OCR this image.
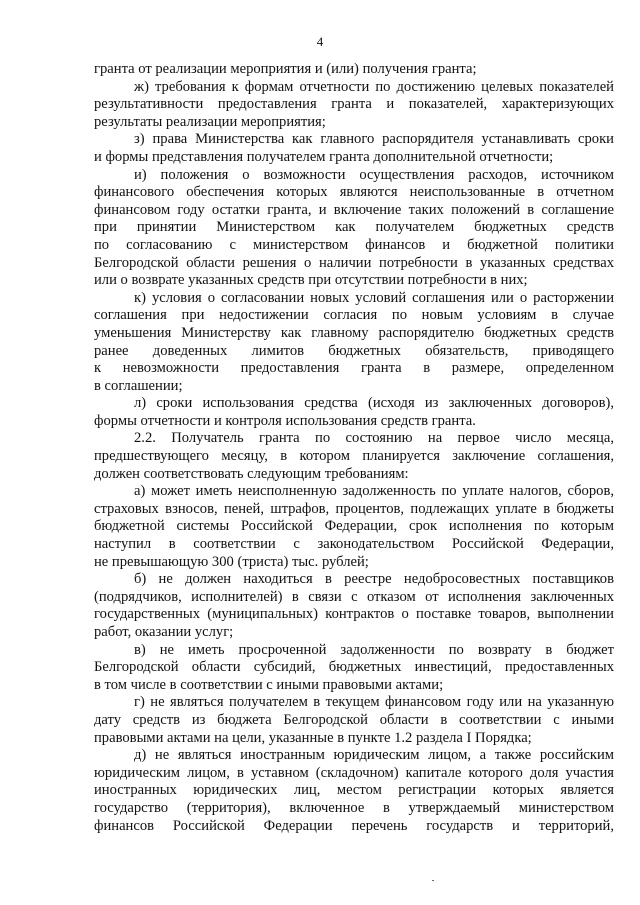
4
гранта от реализации мероприятия и (или) получения гранта;
ж) требования к формам отчетности по достижению целевых показателей
результативности предоставления гранта и показателей, характеризующих
результаты реализации мероприятия;
з) права Министерства как главного распорядителя устанавливать сроки
и формы представления получателем гранта дополнительной отчетности;
и) положения о возможности осуществления расходов, источником
финансового обеспечения которых являются неиспользованные в отчетном
финансовом году остатки гранта, и включение таких положений в соглашение
при принятии Министерством как получателем бюджетных средств
по согласованию с министерством финансов и бюджетной политики
Белгородской области решения о наличии потребности в указанных средствах
или о возврате указанных средств при отсутствии потребности в них;
к) условия о согласовании новых условий соглашения или о расторжении
соглашения при недостижении согласия по новым условиям в случае
уменьшения Министерству как главному распорядителю бюджетных средств
ранее доведенных лимитов бюджетных обязательств, приводящего
к невозможности предоставления гранта в размере, определенном
в соглашении;
л) сроки использования средства (исходя из заключенных договоров),
формы отчетности и контроля использования средств гранта.
2.2. Получатель гранта по состоянию на первое число месяца,
предшествующего месяцу, в котором планируется заключение соглашения,
должен соответствовать следующим требованиям:
а) может иметь неисполненную задолженность по уплате налогов, сборов,
страховых взносов, пеней, штрафов, процентов, подлежащих уплате в бюджеты
бюджетной системы Российской Федерации, срок исполнения по которым
наступил в соответствии с законодательством Российской Федерации,
не превышающую 300 (триста) тыс. рублей;
б) не должен находиться в реестре недобросовестных поставщиков
(подрядчиков, исполнителей) в связи с отказом от исполнения заключенных
государственных (муниципальных) контрактов о поставке товаров, выполнении
работ, оказании услуг;
в) не иметь просроченной задолженности по возврату в бюджет
Белгородской области субсидий, бюджетных инвестиций, предоставленных
в том числе в соответствии с иными правовыми актами;
г) не являться получателем в текущем финансовом году или на указанную
дату средств из бюджета Белгородской области в соответствии с иными
правовыми актами на цели, указанные в пункте 1.2 раздела I Порядка;
д) не являться иностранным юридическим лицом, а также российским
юридическим лицом, в уставном (складочном) капитале которого доля участия
иностранных юридических лиц, местом регистрации которых является
государство (территория), включенное в утверждаемый министерством
финансов Российской Федерации перечень государств и территорий,
